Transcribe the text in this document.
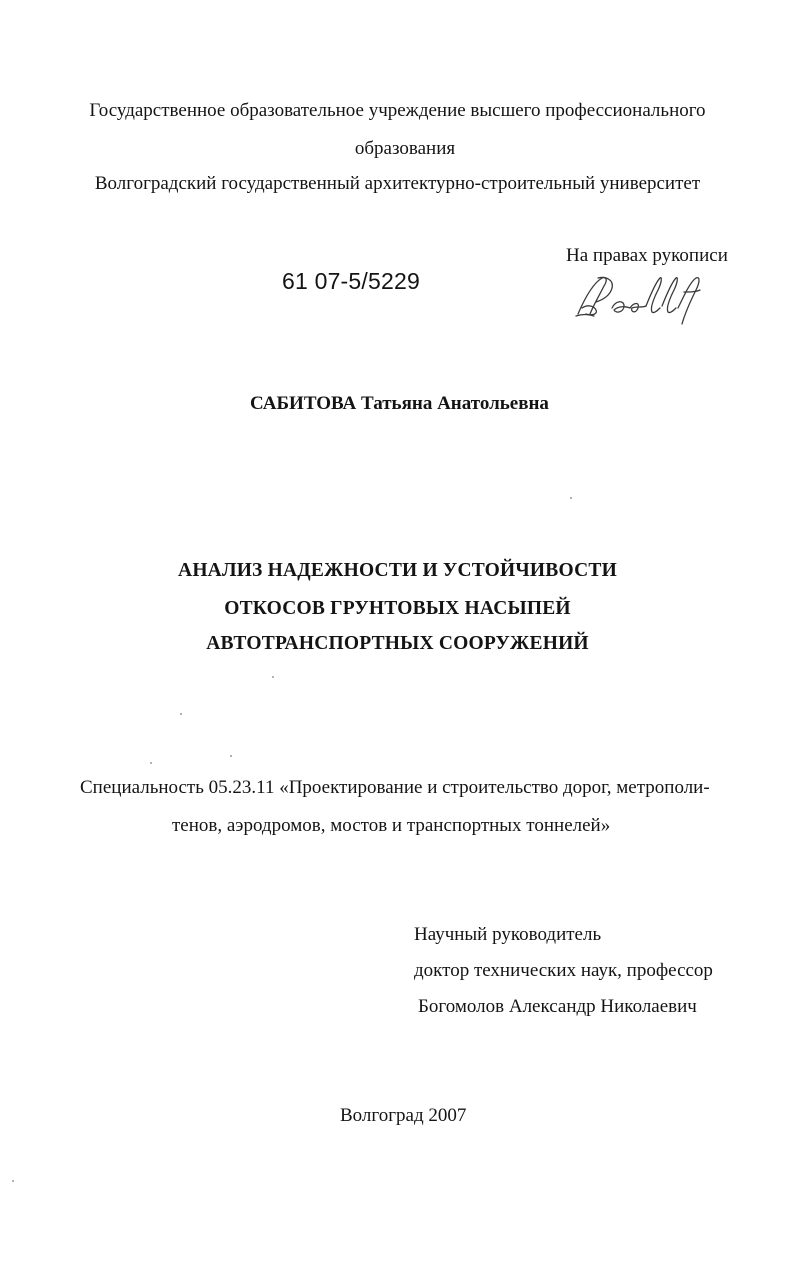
Государственное образовательное учреждение высшего профессионального
образования
Волгоградский государственный архитектурно-строительный университет
На правах рукописи
61 07-5/5229
САБИТОВА Татьяна Анатольевна
АНАЛИЗ НАДЕЖНОСТИ И УСТОЙЧИВОСТИ
ОТКОСОВ ГРУНТОВЫХ НАСЫПЕЙ
АВТОТРАНСПОРТНЫХ СООРУЖЕНИЙ
Специальность 05.23.11 «Проектирование и строительство дорог, метрополи-
тенов, аэродромов, мостов и транспортных тоннелей»
Научный руководитель
доктор технических наук, профессор
Богомолов Александр Николаевич
Волгоград 2007
